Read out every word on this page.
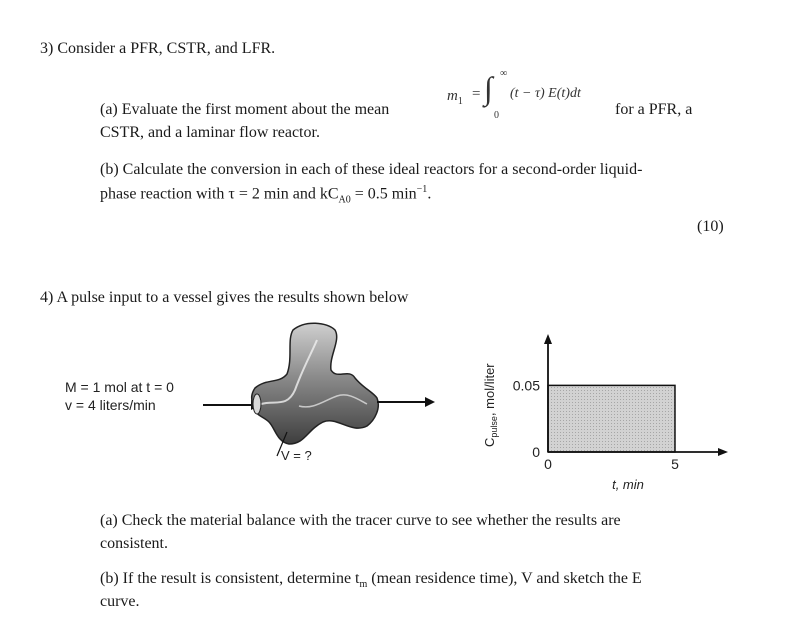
3) Consider a PFR, CSTR, and LFR.
$m_1$ = ∫ ∞
0
(t − τ) E(t)dt
(a) Evaluate the first moment about the mean	for a PFR, a
CSTR, and a laminar flow reactor.
(b) Calculate the conversion in each of these ideal reactors for a second-order liquid-
phase reaction with τ = 2 min and $kC_{A0} = 0.5$ $\min^{-1}$.
(10)
4) A pulse input to a vessel gives the results shown below
M = 1 mol at t = 0
v = 4 liters/min
V = ?	0
0.05
0	5
$C_{pulse}$, mol/liter
t, min
(a) Check the material balance with the tracer curve to see whether the results are
consistent.
(b) If the result is consistent, determine $t_m$ (mean residence time), V and sketch the E
curve.
